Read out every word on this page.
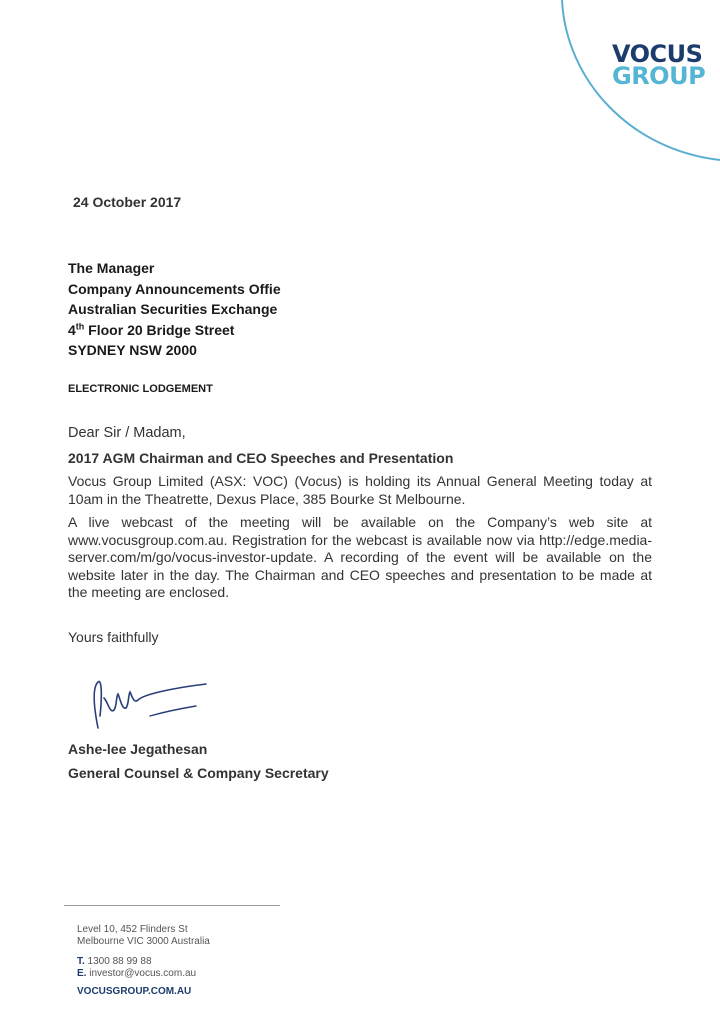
VOCUS
GROUP
24 October 2017
The Manager
Company Announcements Offie
Australian Securities Exchange
4th Floor 20 Bridge Street
SYDNEY NSW 2000
ELECTRONIC LODGEMENT
Dear Sir / Madam,
2017 AGM Chairman and CEO Speeches and Presentation

Vocus Group Limited (ASX: VOC) (Vocus) is holding its Annual General Meeting today at 10am in the Theatrette, Dexus Place, 385 Bourke St Melbourne.

A live webcast of the meeting will be available on the Company’s web site at www.vocusgroup.com.au. Registration for the webcast is available now via http://edge.media-server.com/m/go/vocus-investor-update. A recording of the event will be available on the website later in the day. The Chairman and CEO speeches and presentation to be made at the meeting are enclosed.

Yours faithfully
Ashe-lee Jegathesan
General Counsel & Company Secretary
Level 10, 452 Flinders St
Melbourne VIC 3000 Australia
T. 1300 88 99 88
E. investor@vocus.com.au
VOCUSGROUP.COM.AU
